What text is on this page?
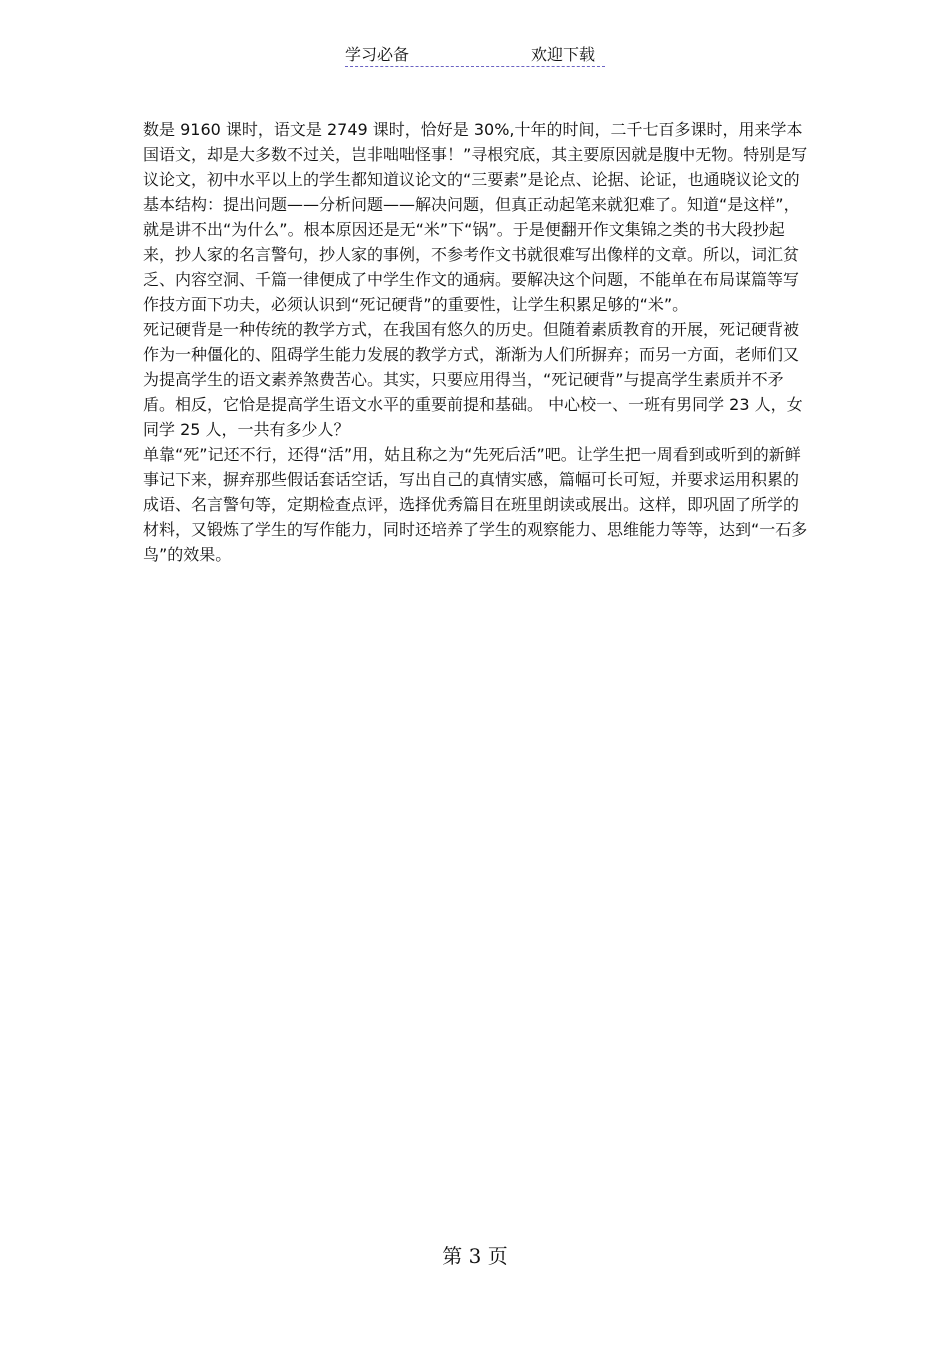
学习必备	欢迎下载

数是 9160 课时，语文是 2749 课时，恰好是 30%,十年的时间，二千七百多课时，用来学本国语文，却是大多数不过关，岂非咄咄怪事！”寻根究底，其主要原因就是腹中无物。特别是写议论文，初中水平以上的学生都知道议论文的“三要素”是论点、论据、论证，也通晓议论文的基本结构：提出问题——分析问题——解决问题，但真正动起笔来就犯难了。知道“是这样”，就是讲不出“为什么”。根本原因还是无“米”下“锅”。于是便翻开作文集锦之类的书大段抄起来，抄人家的名言警句，抄人家的事例，不参考作文书就很难写出像样的文章。所以，词汇贫乏、内容空洞、千篇一律便成了中学生作文的通病。要解决这个问题，不能单在布局谋篇等写作技方面下功夫，必须认识到“死记硬背”的重要性，让学生积累足够的“米”。

死记硬背是一种传统的教学方式，在我国有悠久的历史。但随着素质教育的开展，死记硬背被作为一种僵化的、阻碍学生能力发展的教学方式，渐渐为人们所摒弃；而另一方面，老师们又为提高学生的语文素养煞费苦心。其实，只要应用得当，“死记硬背”与提高学生素质并不矛盾。相反，它恰是提高学生语文水平的重要前提和基础。 中心校一、一班有男同学 23 人，女同学 25 人，一共有多少人？

单靠“死”记还不行，还得“活”用，姑且称之为“先死后活”吧。让学生把一周看到或听到的新鲜事记下来，摒弃那些假话套话空话，写出自己的真情实感，篇幅可长可短，并要求运用积累的成语、名言警句等，定期检查点评，选择优秀篇目在班里朗读或展出。这样，即巩固了所学的材料，又锻炼了学生的写作能力，同时还培养了学生的观察能力、思维能力等等，达到“一石多鸟”的效果。

第 3 页
